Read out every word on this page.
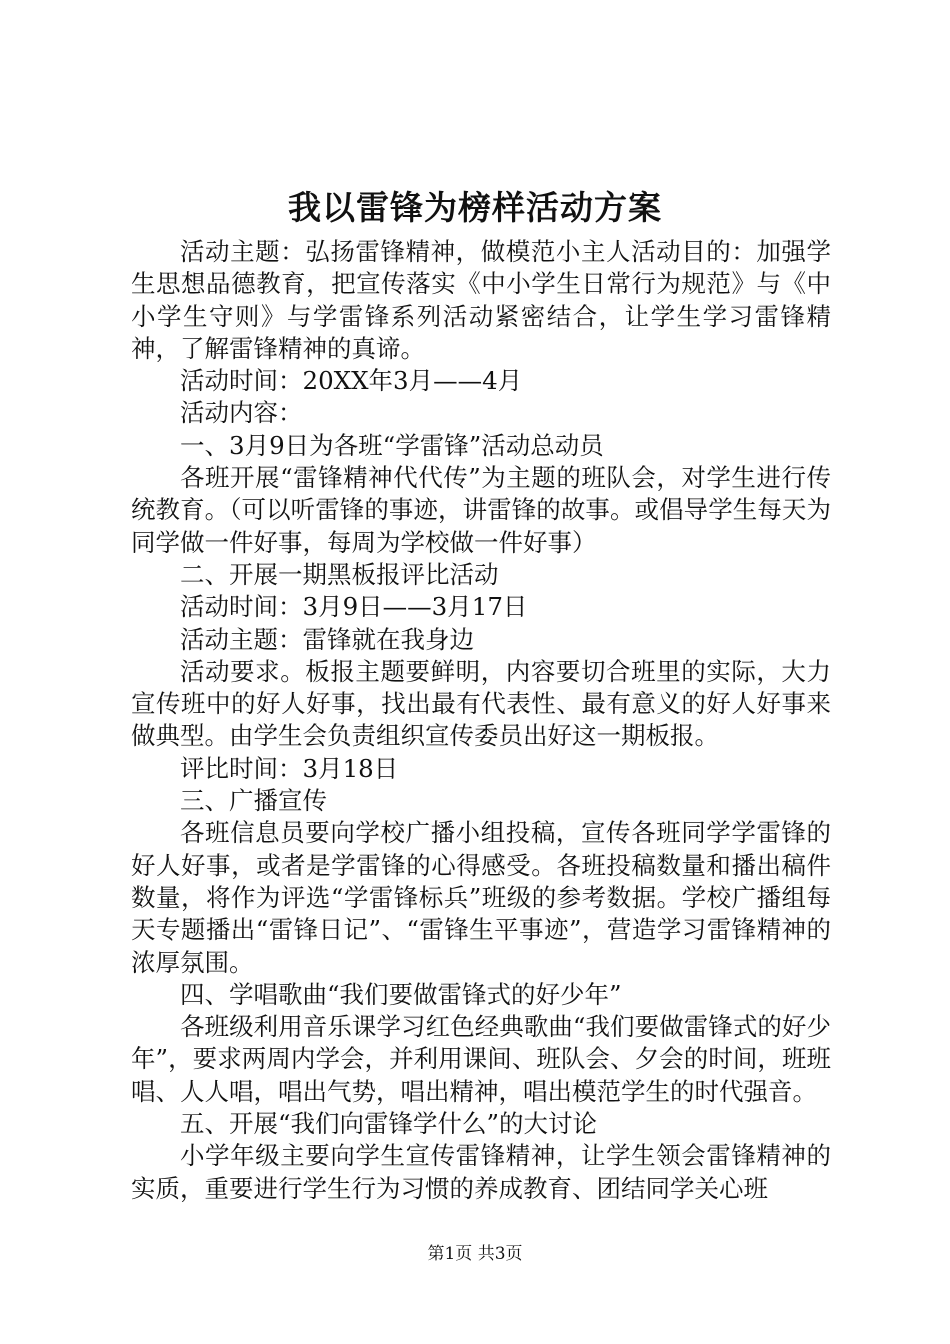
我以雷锋为榜样活动方案

活动主题：弘扬雷锋精神，做模范小主人活动目的：加强学生思想品德教育，把宣传落实《中小学生日常行为规范》与《中小学生守则》与学雷锋系列活动紧密结合，让学生学习雷锋精神，了解雷锋精神的真谛。

活动时间：20XX年3月——4月

活动内容：

一、3月9日为各班“学雷锋”活动总动员

各班开展“雷锋精神代代传”为主题的班队会，对学生进行传统教育。（可以听雷锋的事迹，讲雷锋的故事。或倡导学生每天为同学做一件好事，每周为学校做一件好事）

二、开展一期黑板报评比活动

活动时间：3月9日——3月17日

活动主题：雷锋就在我身边

活动要求。板报主题要鲜明，内容要切合班里的实际，大力宣传班中的好人好事，找出最有代表性、最有意义的好人好事来做典型。由学生会负责组织宣传委员出好这一期板报。

评比时间：3月18日

三、广播宣传

各班信息员要向学校广播小组投稿，宣传各班同学学雷锋的好人好事，或者是学雷锋的心得感受。各班投稿数量和播出稿件数量，将作为评选“学雷锋标兵”班级的参考数据。学校广播组每天专题播出“雷锋日记”、“雷锋生平事迹”，营造学习雷锋精神的浓厚氛围。

四、学唱歌曲“我们要做雷锋式的好少年”

各班级利用音乐课学习红色经典歌曲“我们要做雷锋式的好少年”，要求两周内学会，并利用课间、班队会、夕会的时间，班班唱、人人唱，唱出气势，唱出精神，唱出模范学生的时代强音。

五、开展“我们向雷锋学什么”的大讨论

小学年级主要向学生宣传雷锋精神，让学生领会雷锋精神的实质，重要进行学生行为习惯的养成教育、团结同学关心班

第1页 共3页
